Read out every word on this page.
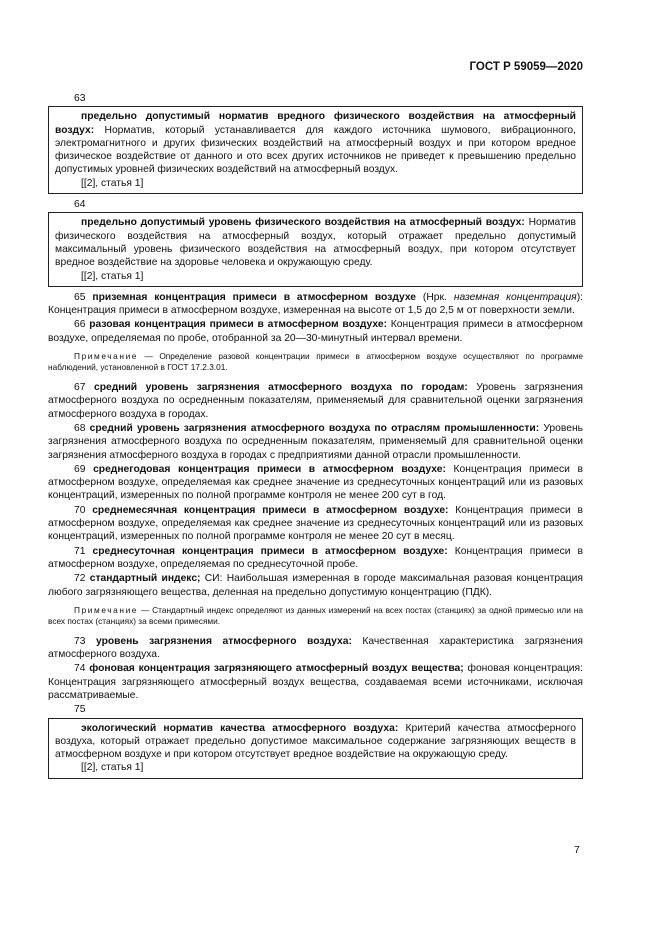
ГОСТ Р 59059—2020

63

предельно допустимый норматив вредного физического воздействия на атмосферный воздух: Норматив, который устанавливается для каждого источника шумового, вибрационного, электромагнитного и других физических воздействий на атмосферный воздух и при котором вредное физическое воздействие от данного и ото всех других источников не приведет к превышению предельно допустимых уровней физических воздействий на атмосферный воздух.

[[2], статья 1]

64

предельно допустимый уровень физического воздействия на атмосферный воздух: Норматив физического воздействия на атмосферный воздух, который отражает предельно допустимый максимальный уровень физического воздействия на атмосферный воздух, при котором отсутствует вредное воздействие на здоровье человека и окружающую среду.

[[2], статья 1]

65 приземная концентрация примеси в атмосферном воздухе (Нрк. наземная концентрация): Концентрация примеси в атмосферном воздухе, измеренная на высоте от 1,5 до 2,5 м от поверхности земли.

66 разовая концентрация примеси в атмосферном воздухе: Концентрация примеси в атмосферном воздухе, определяемая по пробе, отобранной за 20—30-минутный интервал времени.

Примечание — Определение разовой концентрации примеси в атмосферном воздухе осуществляют по программе наблюдений, установленной в ГОСТ 17.2.3.01.

67 средний уровень загрязнения атмосферного воздуха по городам: Уровень загрязнения атмосферного воздуха по осредненным показателям, применяемый для сравнительной оценки загрязнения атмосферного воздуха в городах.

68 средний уровень загрязнения атмосферного воздуха по отраслям промышленности: Уровень загрязнения атмосферного воздуха по осредненным показателям, применяемый для сравнительной оценки загрязнения атмосферного воздуха в городах с предприятиями данной отрасли промышленности.

69 среднегодовая концентрация примеси в атмосферном воздухе: Концентрация примеси в атмосферном воздухе, определяемая как среднее значение из среднесуточных концентраций или из разовых концентраций, измеренных по полной программе контроля не менее 200 сут в год.

70 среднемесячная концентрация примеси в атмосферном воздухе: Концентрация примеси в атмосферном воздухе, определяемая как среднее значение из среднесуточных концентраций или из разовых концентраций, измеренных по полной программе контроля не менее 20 сут в месяц.

71 среднесуточная концентрация примеси в атмосферном воздухе: Концентрация примеси в атмосферном воздухе, определяемая по среднесуточной пробе.

72 стандартный индекс; СИ: Наибольшая измеренная в городе максимальная разовая концентрация любого загрязняющего вещества, деленная на предельно допустимую концентрацию (ПДК).

Примечание — Стандартный индекс определяют из данных измерений на всех постах (станциях) за одной примесью или на всех постах (станциях) за всеми примесями.

73 уровень загрязнения атмосферного воздуха: Качественная характеристика загрязнения атмосферного воздуха.

74 фоновая концентрация загрязняющего атмосферный воздух вещества; фоновая концентрация: Концентрация загрязняющего атмосферный воздух вещества, создаваемая всеми источниками, исключая рассматриваемые.

75

экологический норматив качества атмосферного воздуха: Критерий качества атмосферного воздуха, который отражает предельно допустимое максимальное содержание загрязняющих веществ в атмосферном воздухе и при котором отсутствует вредное воздействие на окружающую среду.

[[2], статья 1]

7
